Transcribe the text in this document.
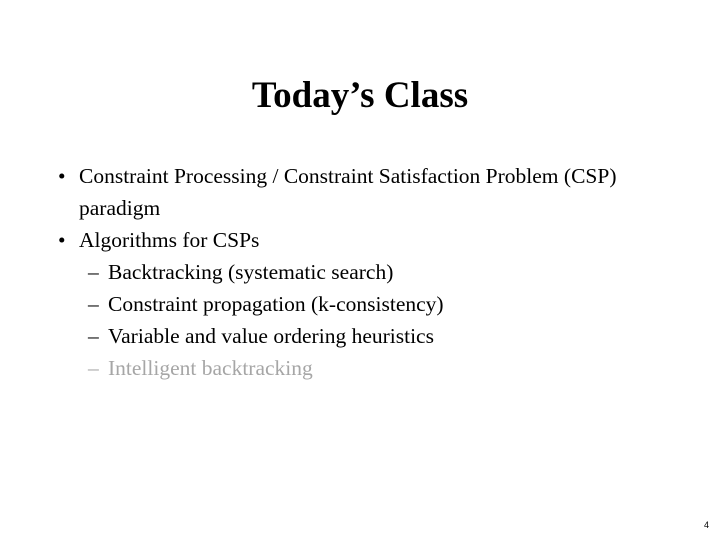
Today’s Class
• Constraint Processing / Constraint Satisfaction Problem (CSP) paradigm
• Algorithms for CSPs
– Backtracking (systematic search)
– Constraint propagation (k-consistency)
– Variable and value ordering heuristics
– Intelligent backtracking
4
